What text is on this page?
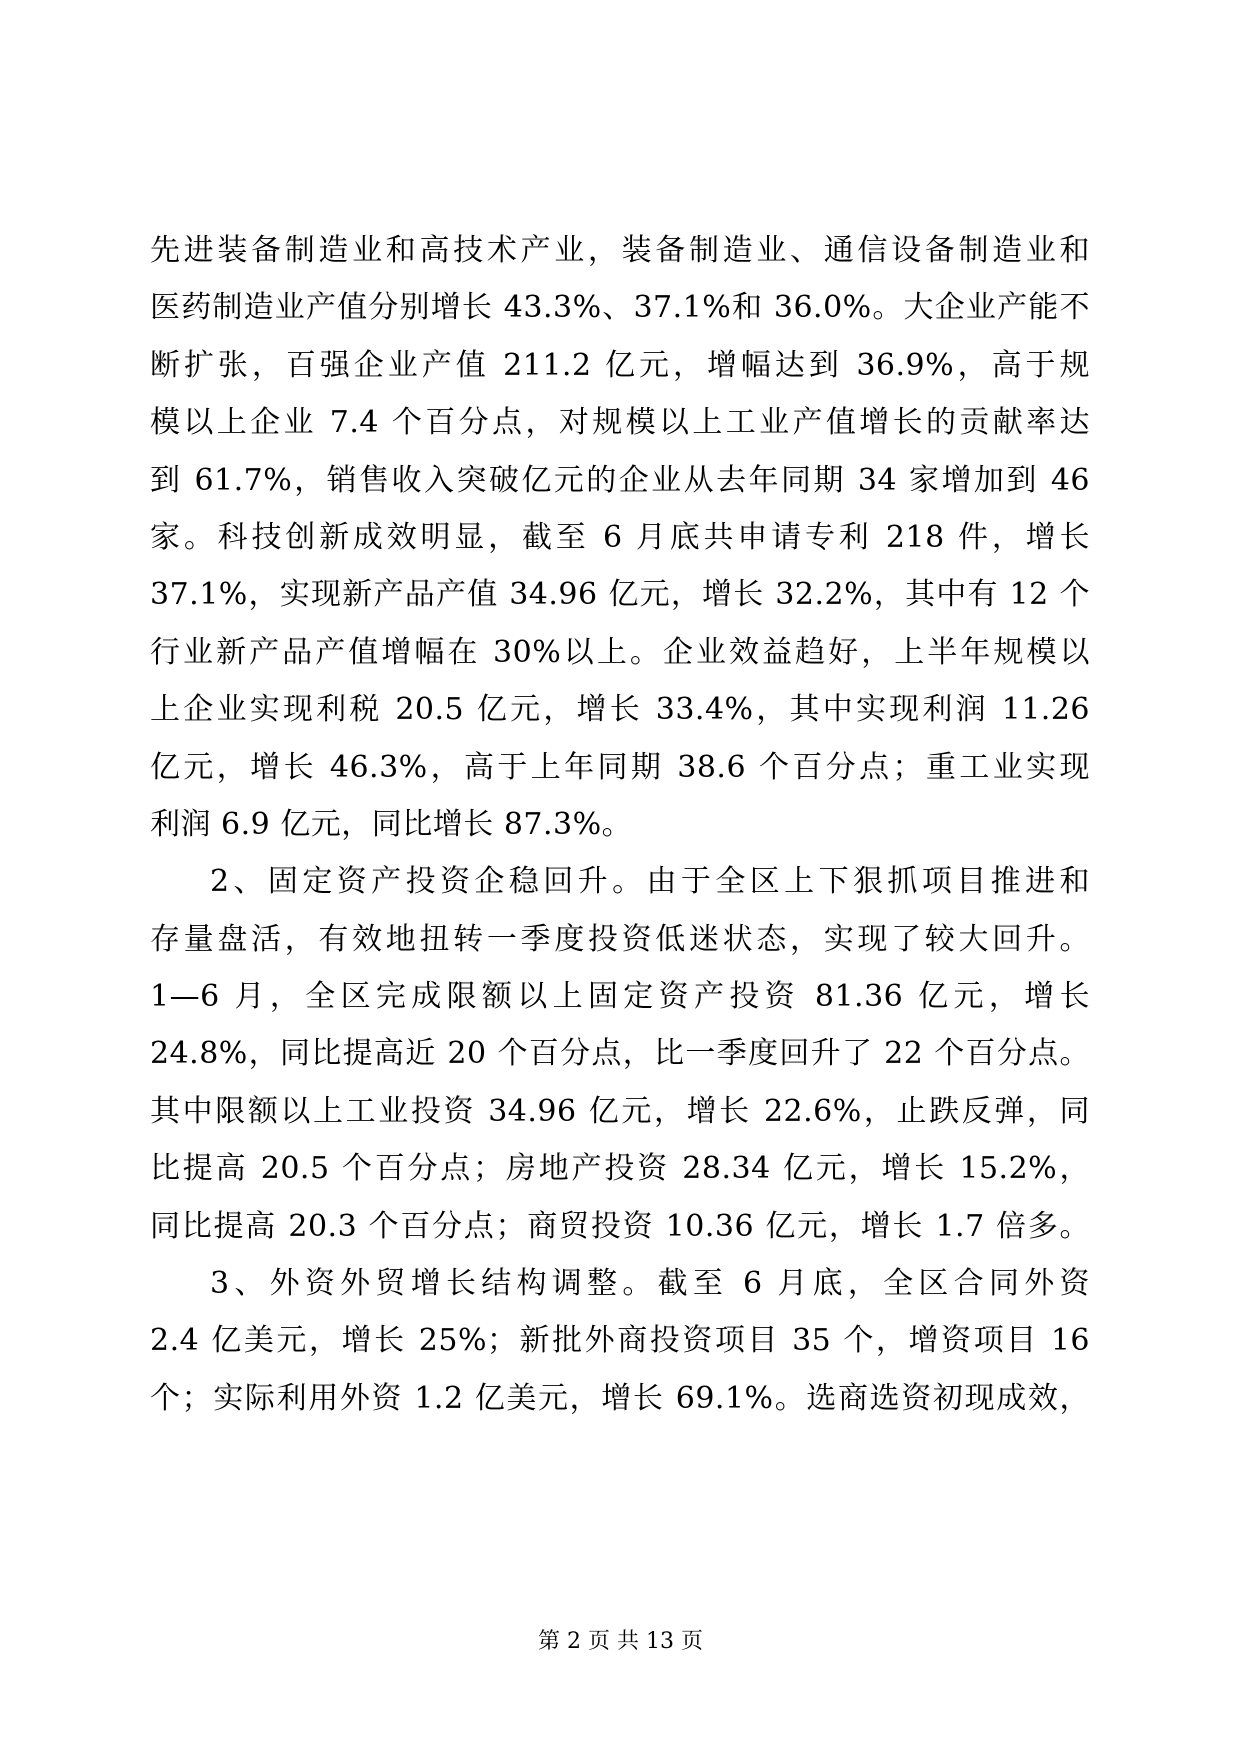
先进装备制造业和高技术产业，装备制造业、通信设备制造业和
医药制造业产值分别增长 43.3%、37.1%和 36.0%。大企业产能不
断扩张，百强企业产值 211.2 亿元，增幅达到 36.9%，高于规
模以上企业 7.4 个百分点，对规模以上工业产值增长的贡献率达
到 61.7%，销售收入突破亿元的企业从去年同期 34 家增加到 46
家。科技创新成效明显，截至 6 月底共申请专利 218 件，增长
37.1%，实现新产品产值 34.96 亿元，增长 32.2%，其中有 12 个
行业新产品产值增幅在 30%以上。企业效益趋好，上半年规模以
上企业实现利税 20.5 亿元，增长 33.4%，其中实现利润 11.26
亿元，增长 46.3%，高于上年同期 38.6 个百分点；重工业实现
利润 6.9 亿元，同比增长 87.3%。
2、固定资产投资企稳回升。由于全区上下狠抓项目推进和
存量盘活，有效地扭转一季度投资低迷状态，实现了较大回升。
1—6 月，全区完成限额以上固定资产投资 81.36 亿元，增长
24.8%，同比提高近 20 个百分点，比一季度回升了 22 个百分点。
其中限额以上工业投资 34.96 亿元，增长 22.6%，止跌反弹，同
比提高 20.5 个百分点；房地产投资 28.34 亿元，增长 15.2%，
同比提高 20.3 个百分点；商贸投资 10.36 亿元，增长 1.7 倍多。
3、外资外贸增长结构调整。截至 6 月底，全区合同外资
2.4 亿美元，增长 25%；新批外商投资项目 35 个，增资项目 16
个；实际利用外资 1.2 亿美元，增长 69.1%。选商选资初现成效，
第 2 页 共 13 页
